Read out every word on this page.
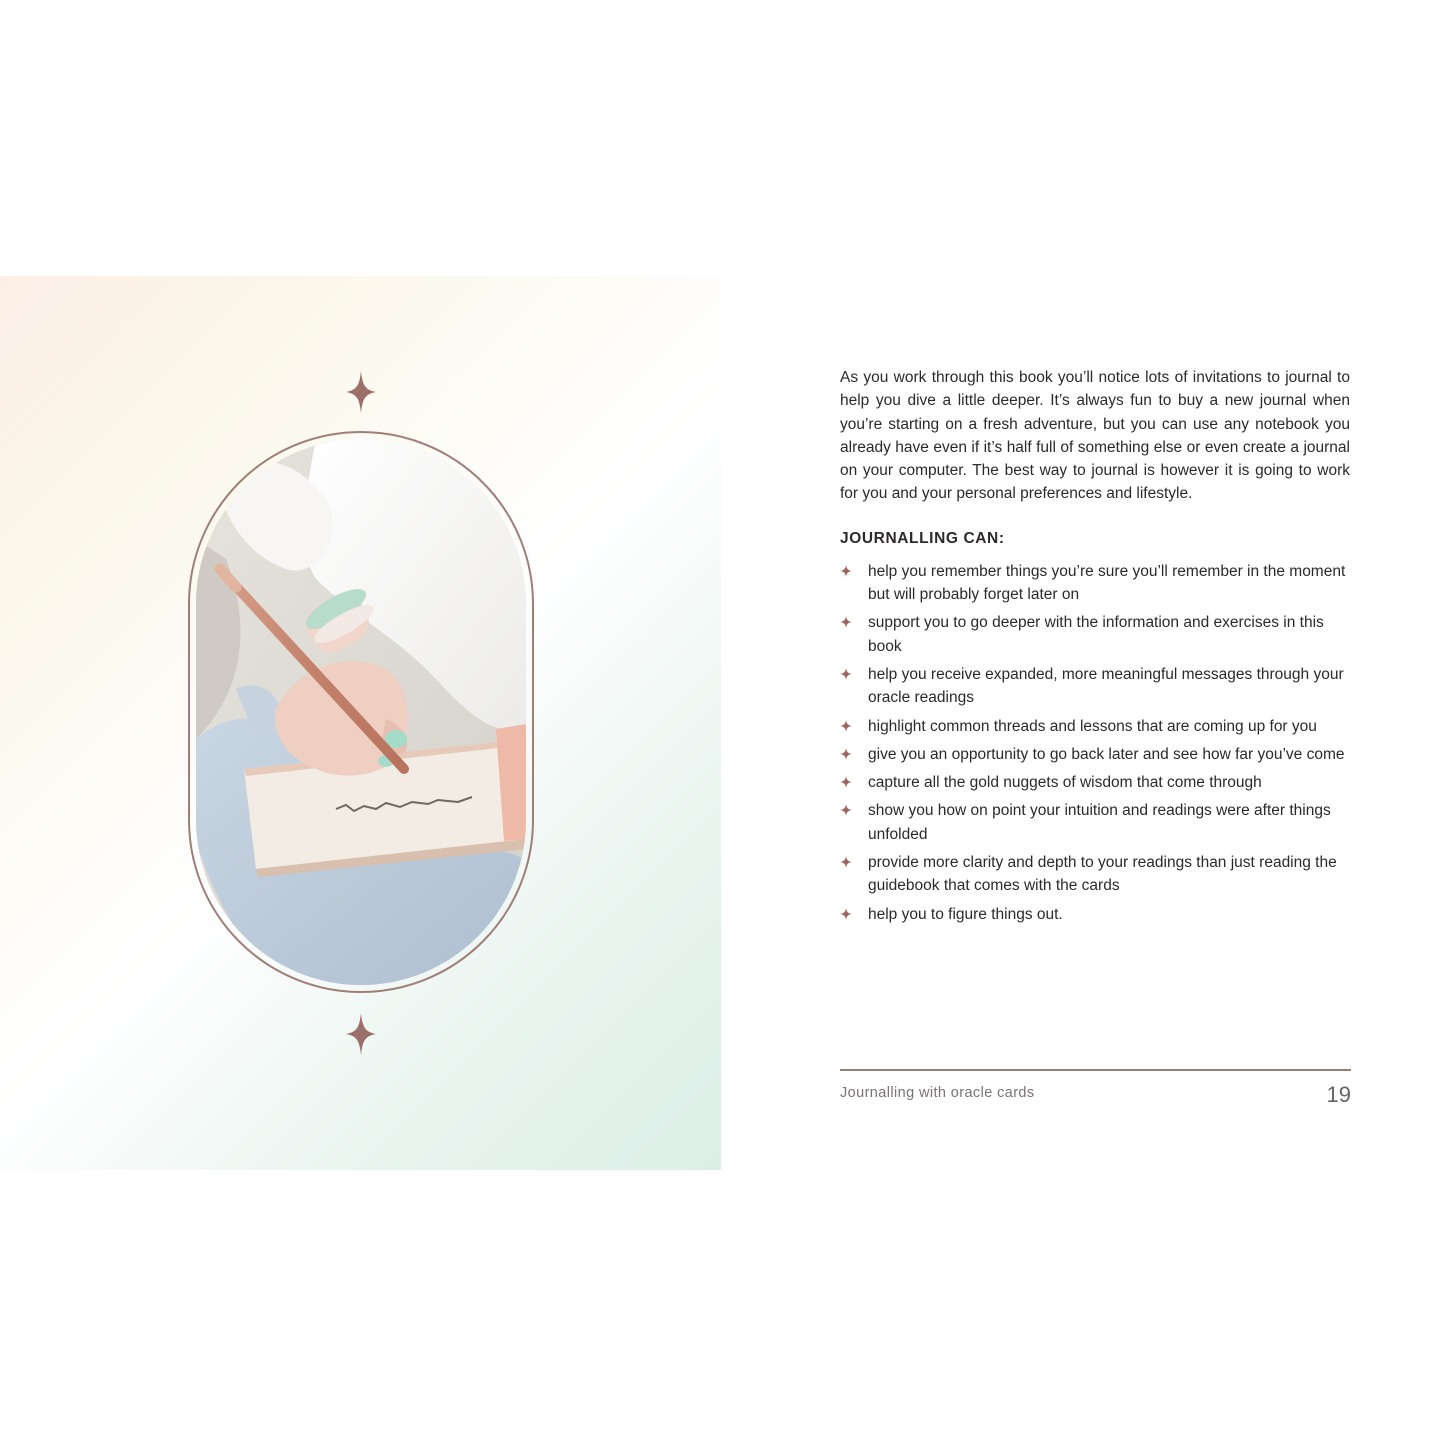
As you work through this book you’ll notice lots of invitations to journal to help you dive a little deeper. It’s always fun to buy a new journal when you’re starting on a fresh adventure, but you can use any notebook you already have even if it’s half full of something else or even create a journal on your computer. The best way to journal is however it is going to work for you and your personal preferences and lifestyle.

JOURNALLING CAN:
help you remember things you’re sure you’ll remember in the moment but will probably forget later on
support you to go deeper with the information and exercises in this book
help you receive expanded, more meaningful messages through your oracle readings
highlight common threads and lessons that are coming up for you
give you an opportunity to go back later and see how far you’ve come
capture all the gold nuggets of wisdom that come through
show you how on point your intuition and readings were after things unfolded
provide more clarity and depth to your readings than just reading the guidebook that comes with the cards
help you to figure things out.
Journalling with oracle cards	19
